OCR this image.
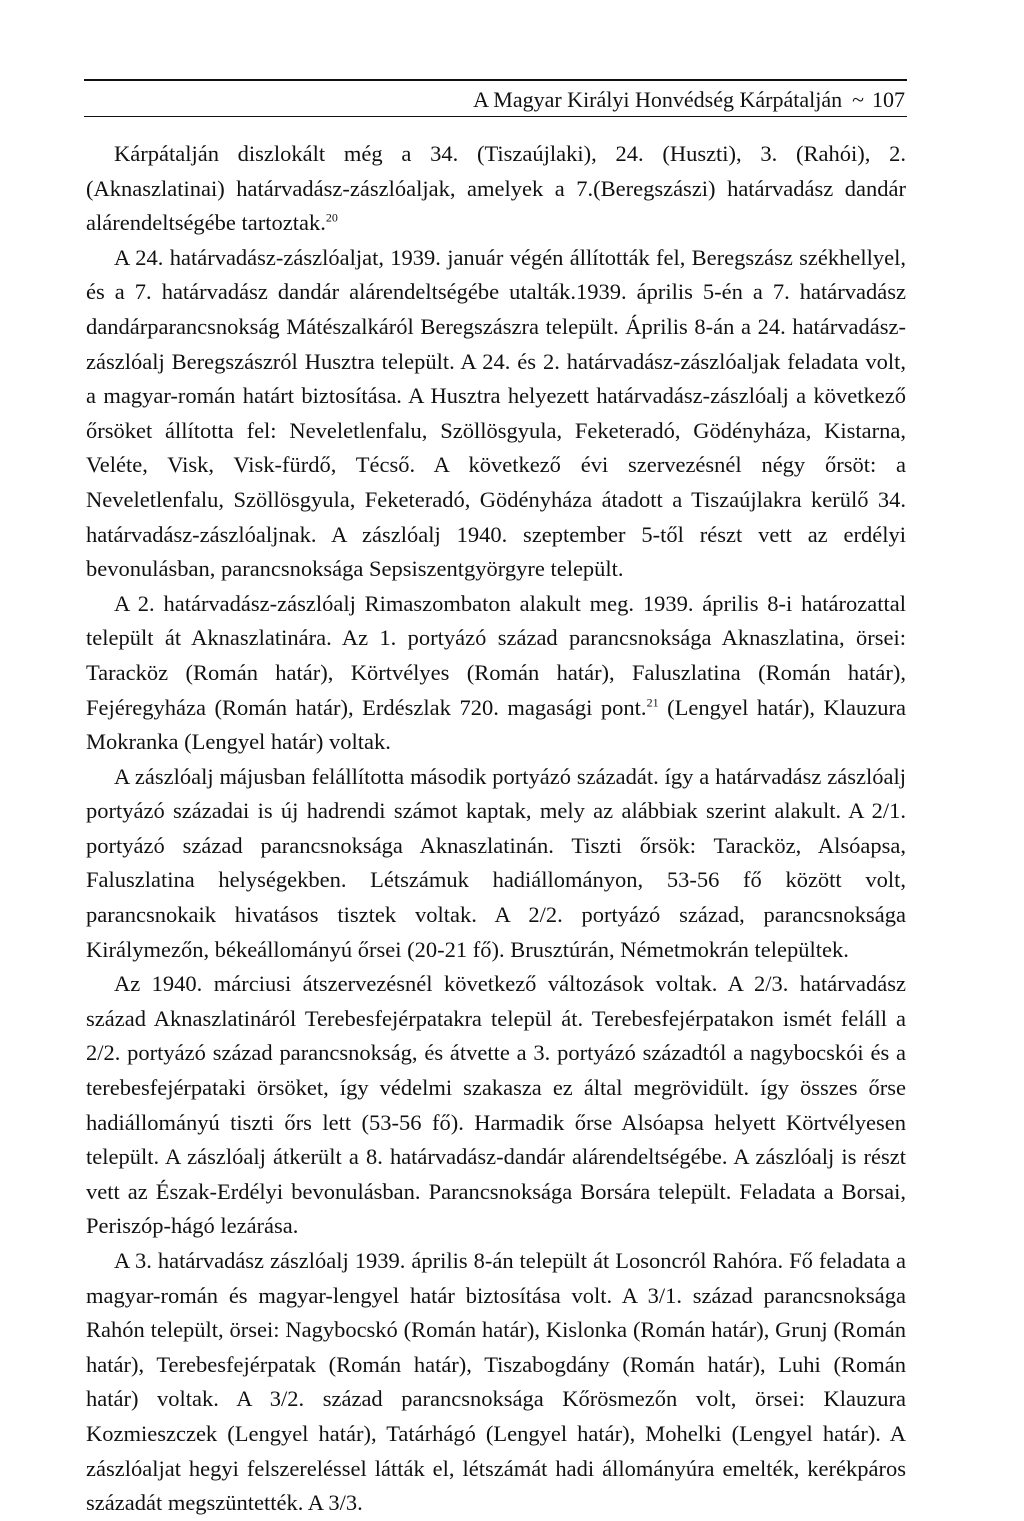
A Magyar Királyi Honvédség Kárpátalján ~ 107

Kárpátalján diszlokált még a 34. (Tiszaújlaki), 24. (Huszti), 3. (Rahói), 2. (Aknaszlatinai) határvadász-zászlóaljak, amelyek a 7.(Beregszászi) határvadász dandár alárendeltségébe tartoztak.$^{20}$

A 24. határvadász-zászlóaljat, 1939. január végén állították fel, Beregszász székhellyel, és a 7. határvadász dandár alárendeltségébe utalták.1939. április 5-én a 7. határvadász dandárparancsnokság Mátészalkáról Beregszászra települt. Április 8-án a 24. határvadász-zászlóalj Beregszászról Husztra települt. A 24. és 2. határvadász-zászlóaljak feladata volt, a magyar-román határt biztosítása. A Husztra helyezett határvadász-zászlóalj a következő őrsöket állította fel: Neveletlenfalu, Szöllösgyula, Feketeradó, Gödényháza, Kistarna, Veléte, Visk, Visk-fürdő, Técső. A következő évi szervezésnél négy őrsöt: a Neveletlenfalu, Szöllösgyula, Feketeradó, Gödényháza átadott a Tiszaújlakra kerülő 34. határvadász-zászlóaljnak. A zászlóalj 1940. szeptember 5-től részt vett az erdélyi bevonulásban, parancsnoksága Sepsiszentgyörgyre települt.

A 2. határvadász-zászlóalj Rimaszombaton alakult meg. 1939. április 8-i határozattal települt át Aknaszlatinára. Az 1. portyázó század parancsnoksága Aknaszlatina, örsei: Taracköz (Román határ), Körtvélyes (Román határ), Faluszlatina (Román határ), Fejéregyháza (Román határ), Erdészlak 720. magasági pont.$^{21}$ (Lengyel határ), Klauzura Mokranka (Lengyel határ) voltak.

A zászlóalj májusban felállította második portyázó századát. így a határvadász zászlóalj portyázó századai is új hadrendi számot kaptak, mely az alábbiak szerint alakult. A 2/1. portyázó század parancsnoksága Aknaszlatinán. Tiszti őrsök: Taracköz, Alsóapsa, Faluszlatina helységekben. Létszámuk hadiállományon, 53-56 fő között volt, parancsnokaik hivatásos tisztek voltak. A 2/2. portyázó század, parancsnoksága Királymezőn, békeállományú őrsei (20-21 fő). Brusztúrán, Németmokrán települtek.

Az 1940. márciusi átszervezésnél következő változások voltak. A 2/3. határvadász század Aknaszlatináról Terebesfejérpatakra települ át. Terebesfejérpatakon ismét feláll a 2/2. portyázó század parancsnokság, és átvette a 3. portyázó századtól a nagybocskói és a terebesfejérpataki örsöket, így védelmi szakasza ez által megrövidült. így összes őrse hadiállományú tiszti őrs lett (53-56 fő). Harmadik őrse Alsóapsa helyett Körtvélyesen települt. A zászlóalj átkerült a 8. határvadász-dandár alárendeltségébe. A zászlóalj is részt vett az Észak-Erdélyi bevonulásban. Parancsnoksága Borsára települt. Feladata a Borsai, Periszóp-hágó lezárása.

A 3. határvadász zászlóalj 1939. április 8-án települt át Losoncról Rahóra. Fő feladata a magyar-román és magyar-lengyel határ biztosítása volt. A 3/1. század parancsnoksága Rahón települt, örsei: Nagybocskó (Román határ), Kislonka (Román határ), Grunj (Román határ), Terebesfejérpatak (Román határ), Tiszabogdány (Román határ), Luhi (Román határ) voltak. A 3/2. század parancsnoksága Kőrösmezőn volt, örsei: Klauzura Kozmieszczek (Lengyel határ), Tatárhágó (Lengyel határ), Mohelki (Lengyel határ). A zászlóaljat hegyi felszereléssel látták el, létszámát hadi állományúra emelték, kerékpáros századát megszüntették. A 3/3.
